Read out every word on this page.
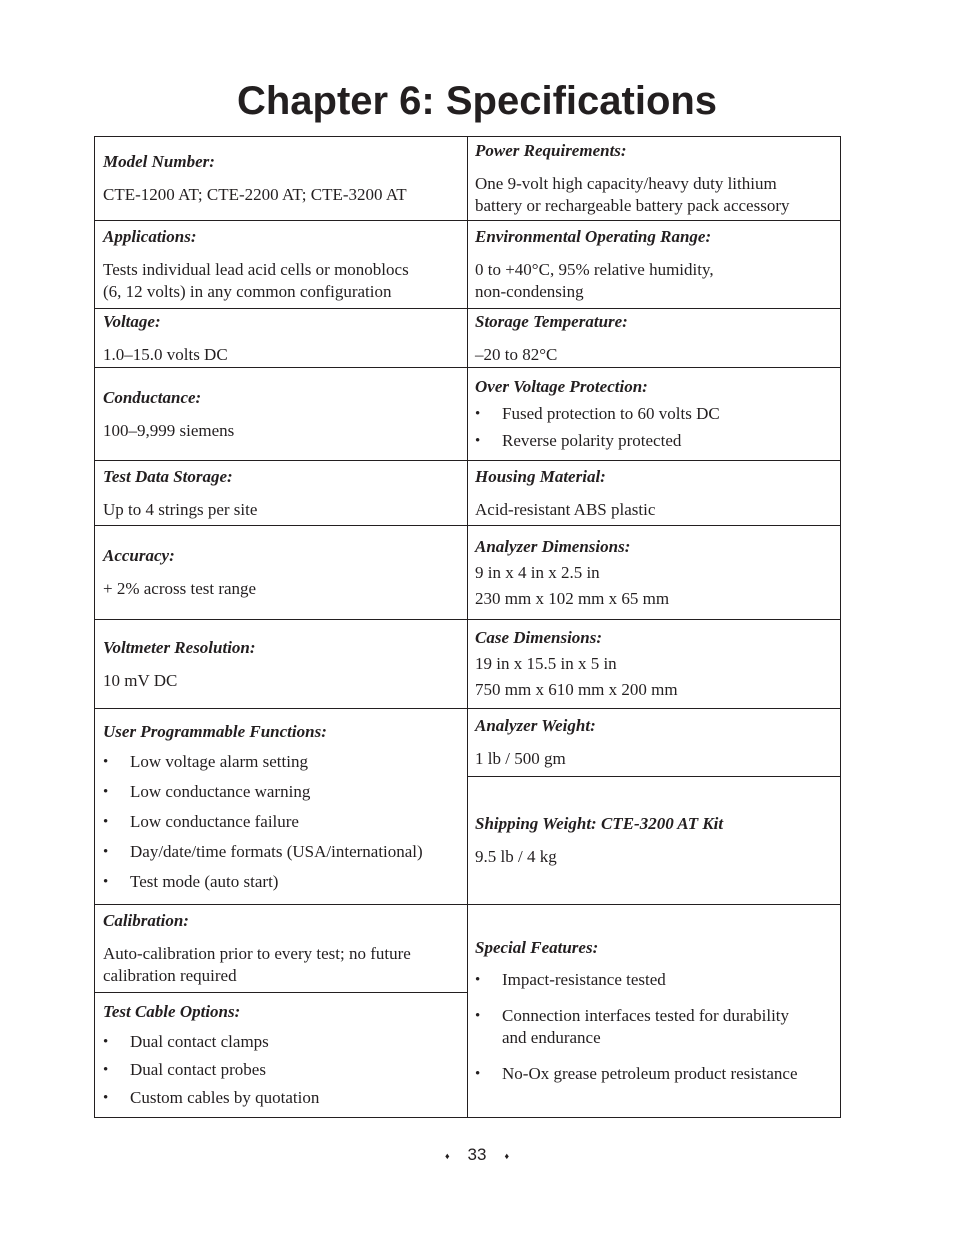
Chapter 6: Specifications
Model Number:
CTE-1200 AT; CTE-2200 AT; CTE-3200 AT
Applications:
Tests individual lead acid cells or monoblocs
(6, 12 volts) in any common configuration
Voltage:
1.0–15.0 volts DC
Conductance:
100–9,999 siemens
Test Data Storage:
Up to 4 strings per site
Accuracy:
+ 2% across test range
Voltmeter Resolution:
10 mV DC
User Programmable Functions:
• Low voltage alarm setting
• Low conductance warning
• Low conductance failure
• Day/date/time formats (USA/international)
• Test mode (auto start)
Calibration:
Auto-calibration prior to every test; no future
calibration required
Test Cable Options:
• Dual contact clamps
• Dual contact probes
• Custom cables by quotation
Power Requirements:
One 9-volt high capacity/heavy duty lithium
battery or rechargeable battery pack accessory
Environmental Operating Range:
0 to +40°C, 95% relative humidity,
non-condensing
Storage Temperature:
–20 to 82°C
Over Voltage Protection:
• Fused protection to 60 volts DC
• Reverse polarity protected
Housing Material:
Acid-resistant ABS plastic
Analyzer Dimensions:
9 in x 4 in x 2.5 in
230 mm x 102 mm x 65 mm
Case Dimensions:
19 in x 15.5 in x 5 in
750 mm x 610 mm x 200 mm
Analyzer Weight:
1 lb / 500 gm
Shipping Weight: CTE-3200 AT Kit
9.5 lb / 4 kg
Special Features:
• Impact-resistance tested
• Connection interfaces tested for durability
and endurance
• No-Ox grease petroleum product resistance
♦ 33 ♦
